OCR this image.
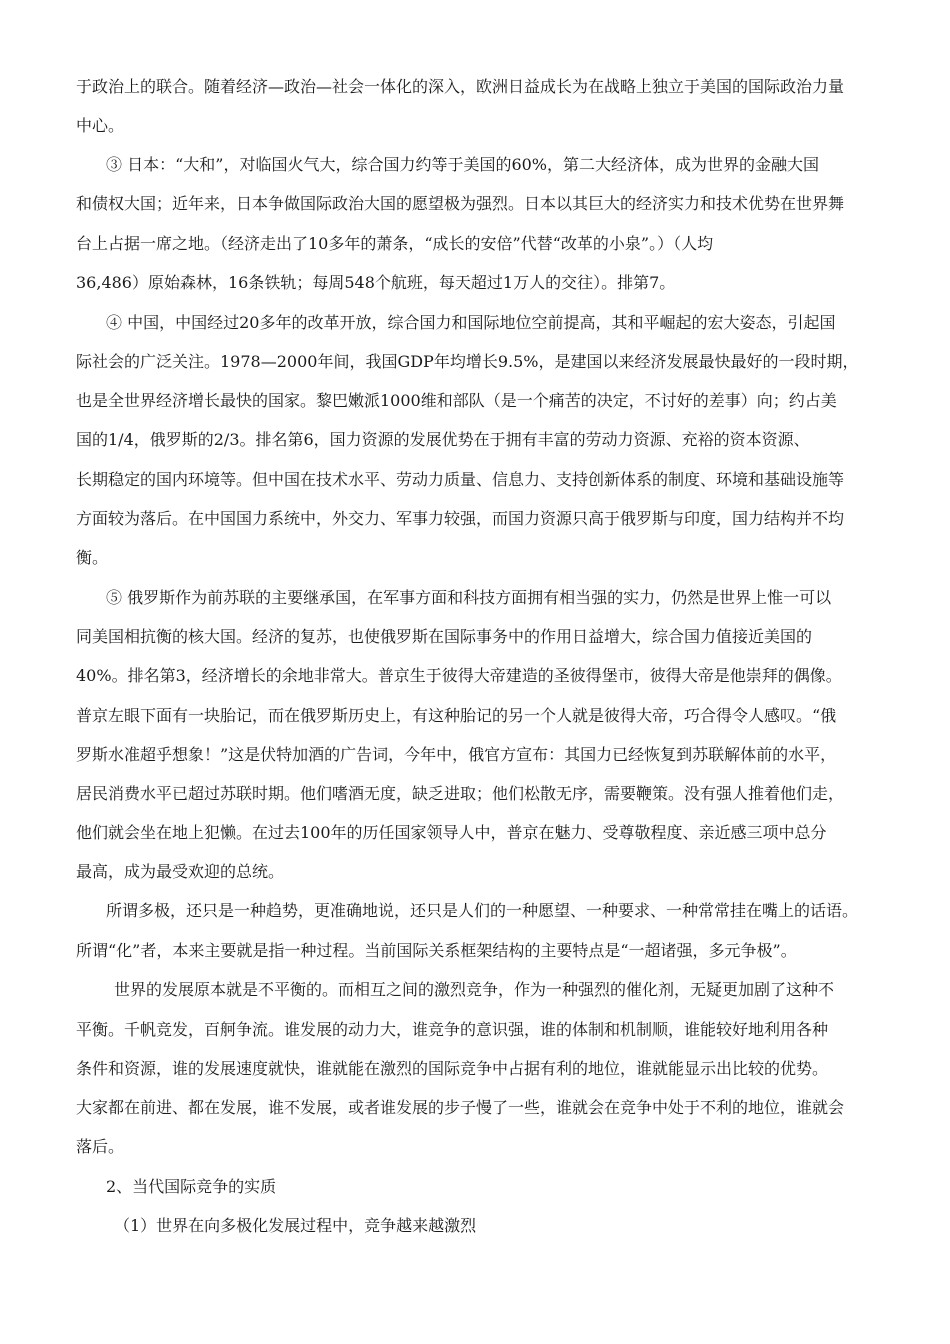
于政治上的联合。随着经济—政治—社会一体化的深入，欧洲日益成长为在战略上独立于美国的国际政治力量
中心。
③ 日本：“大和”，对临国火气大，综合国力约等于美国的60%，第二大经济体，成为世界的金融大国
和债权大国；近年来，日本争做国际政治大国的愿望极为强烈。日本以其巨大的经济实力和技术优势在世界舞
台上占据一席之地。（经济走出了10多年的萧条，“成长的安倍”代替“改革的小泉”。）（人均
36,486）原始森林，16条铁轨；每周548个航班，每天超过1万人的交往）。排第7。
④ 中国，中国经过20多年的改革开放，综合国力和国际地位空前提高，其和平崛起的宏大姿态，引起国
际社会的广泛关注。1978—2000年间，我国GDP年均增长9.5%，是建国以来经济发展最快最好的一段时期，
也是全世界经济增长最快的国家。黎巴嫩派1000维和部队（是一个痛苦的决定，不讨好的差事）向；约占美
国的1/4，俄罗斯的2/3。排名第6，国力资源的发展优势在于拥有丰富的劳动力资源、充裕的资本资源、
长期稳定的国内环境等。但中国在技术水平、劳动力质量、信息力、支持创新体系的制度、环境和基础设施等
方面较为落后。在中国国力系统中，外交力、军事力较强，而国力资源只高于俄罗斯与印度，国力结构并不均
衡。
⑤ 俄罗斯作为前苏联的主要继承国，在军事方面和科技方面拥有相当强的实力，仍然是世界上惟一可以
同美国相抗衡的核大国。经济的复苏，也使俄罗斯在国际事务中的作用日益增大，综合国力值接近美国的
40%。排名第3，经济增长的余地非常大。普京生于彼得大帝建造的圣彼得堡市，彼得大帝是他崇拜的偶像。
普京左眼下面有一块胎记，而在俄罗斯历史上，有这种胎记的另一个人就是彼得大帝，巧合得令人感叹。“俄
罗斯水准超乎想象！”这是伏特加酒的广告词，今年中，俄官方宣布：其国力已经恢复到苏联解体前的水平，
居民消费水平已超过苏联时期。他们嗜酒无度，缺乏进取；他们松散无序，需要鞭策。没有强人推着他们走，
他们就会坐在地上犯懒。在过去100年的历任国家领导人中，普京在魅力、受尊敬程度、亲近感三项中总分
最高，成为最受欢迎的总统。
所谓多极，还只是一种趋势，更准确地说，还只是人们的一种愿望、一种要求、一种常常挂在嘴上的话语。
所谓“化”者，本来主要就是指一种过程。当前国际关系框架结构的主要特点是“一超诸强，多元争极”。
世界的发展原本就是不平衡的。而相互之间的激烈竞争，作为一种强烈的催化剂，无疑更加剧了这种不
平衡。千帆竞发，百舸争流。谁发展的动力大，谁竞争的意识强，谁的体制和机制顺，谁能较好地利用各种
条件和资源，谁的发展速度就快，谁就能在激烈的国际竞争中占据有利的地位，谁就能显示出比较的优势。
大家都在前进、都在发展，谁不发展，或者谁发展的步子慢了一些，谁就会在竞争中处于不利的地位，谁就会
落后。
2、当代国际竞争的实质
（1）世界在向多极化发展过程中，竞争越来越激烈
